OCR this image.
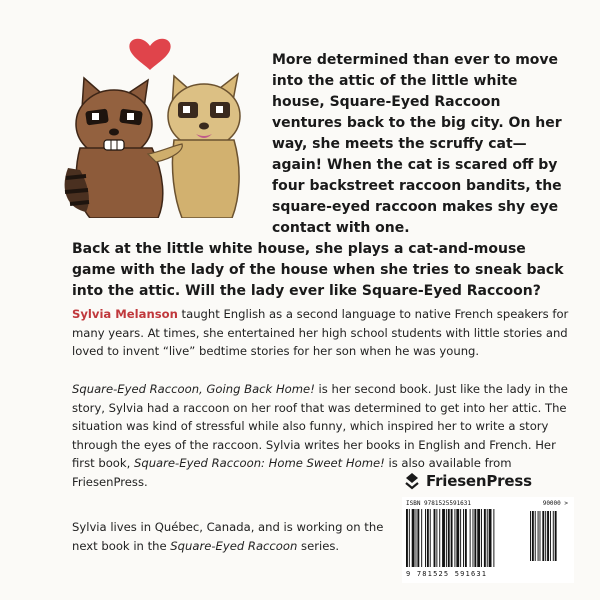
More determined than ever to move into the attic of the little white house, Square-Eyed Raccoon ventures back to the big city. On her way, she meets the scruffy cat—again! When the cat is scared off by four backstreet raccoon bandits, the square-eyed raccoon makes shy eye contact with one.

Back at the little white house, she plays a cat-and-mouse game with the lady of the house when she tries to sneak back into the attic. Will the lady ever like Square-Eyed Raccoon?

Sylvia Melanson taught English as a second language to native French speakers for many years. At times, she entertained her high school students with little stories and loved to invent “live” bedtime stories for her son when he was young.

Square-Eyed Raccoon, Going Back Home! is her second book. Just like the lady in the story, Sylvia had a raccoon on her roof that was determined to get into her attic. The situation was kind of stressful while also funny, which inspired her to write a story through the eyes of the raccoon. Sylvia writes her books in English and French. Her first book, Square-Eyed Raccoon: Home Sweet Home! is also available from FriesenPress.

Sylvia lives in Québec, Canada, and is working on the next book in the Square-Eyed Raccoon series.

FriesenPress
ISBN 9781525591631	90000 >
9 781525 591631
